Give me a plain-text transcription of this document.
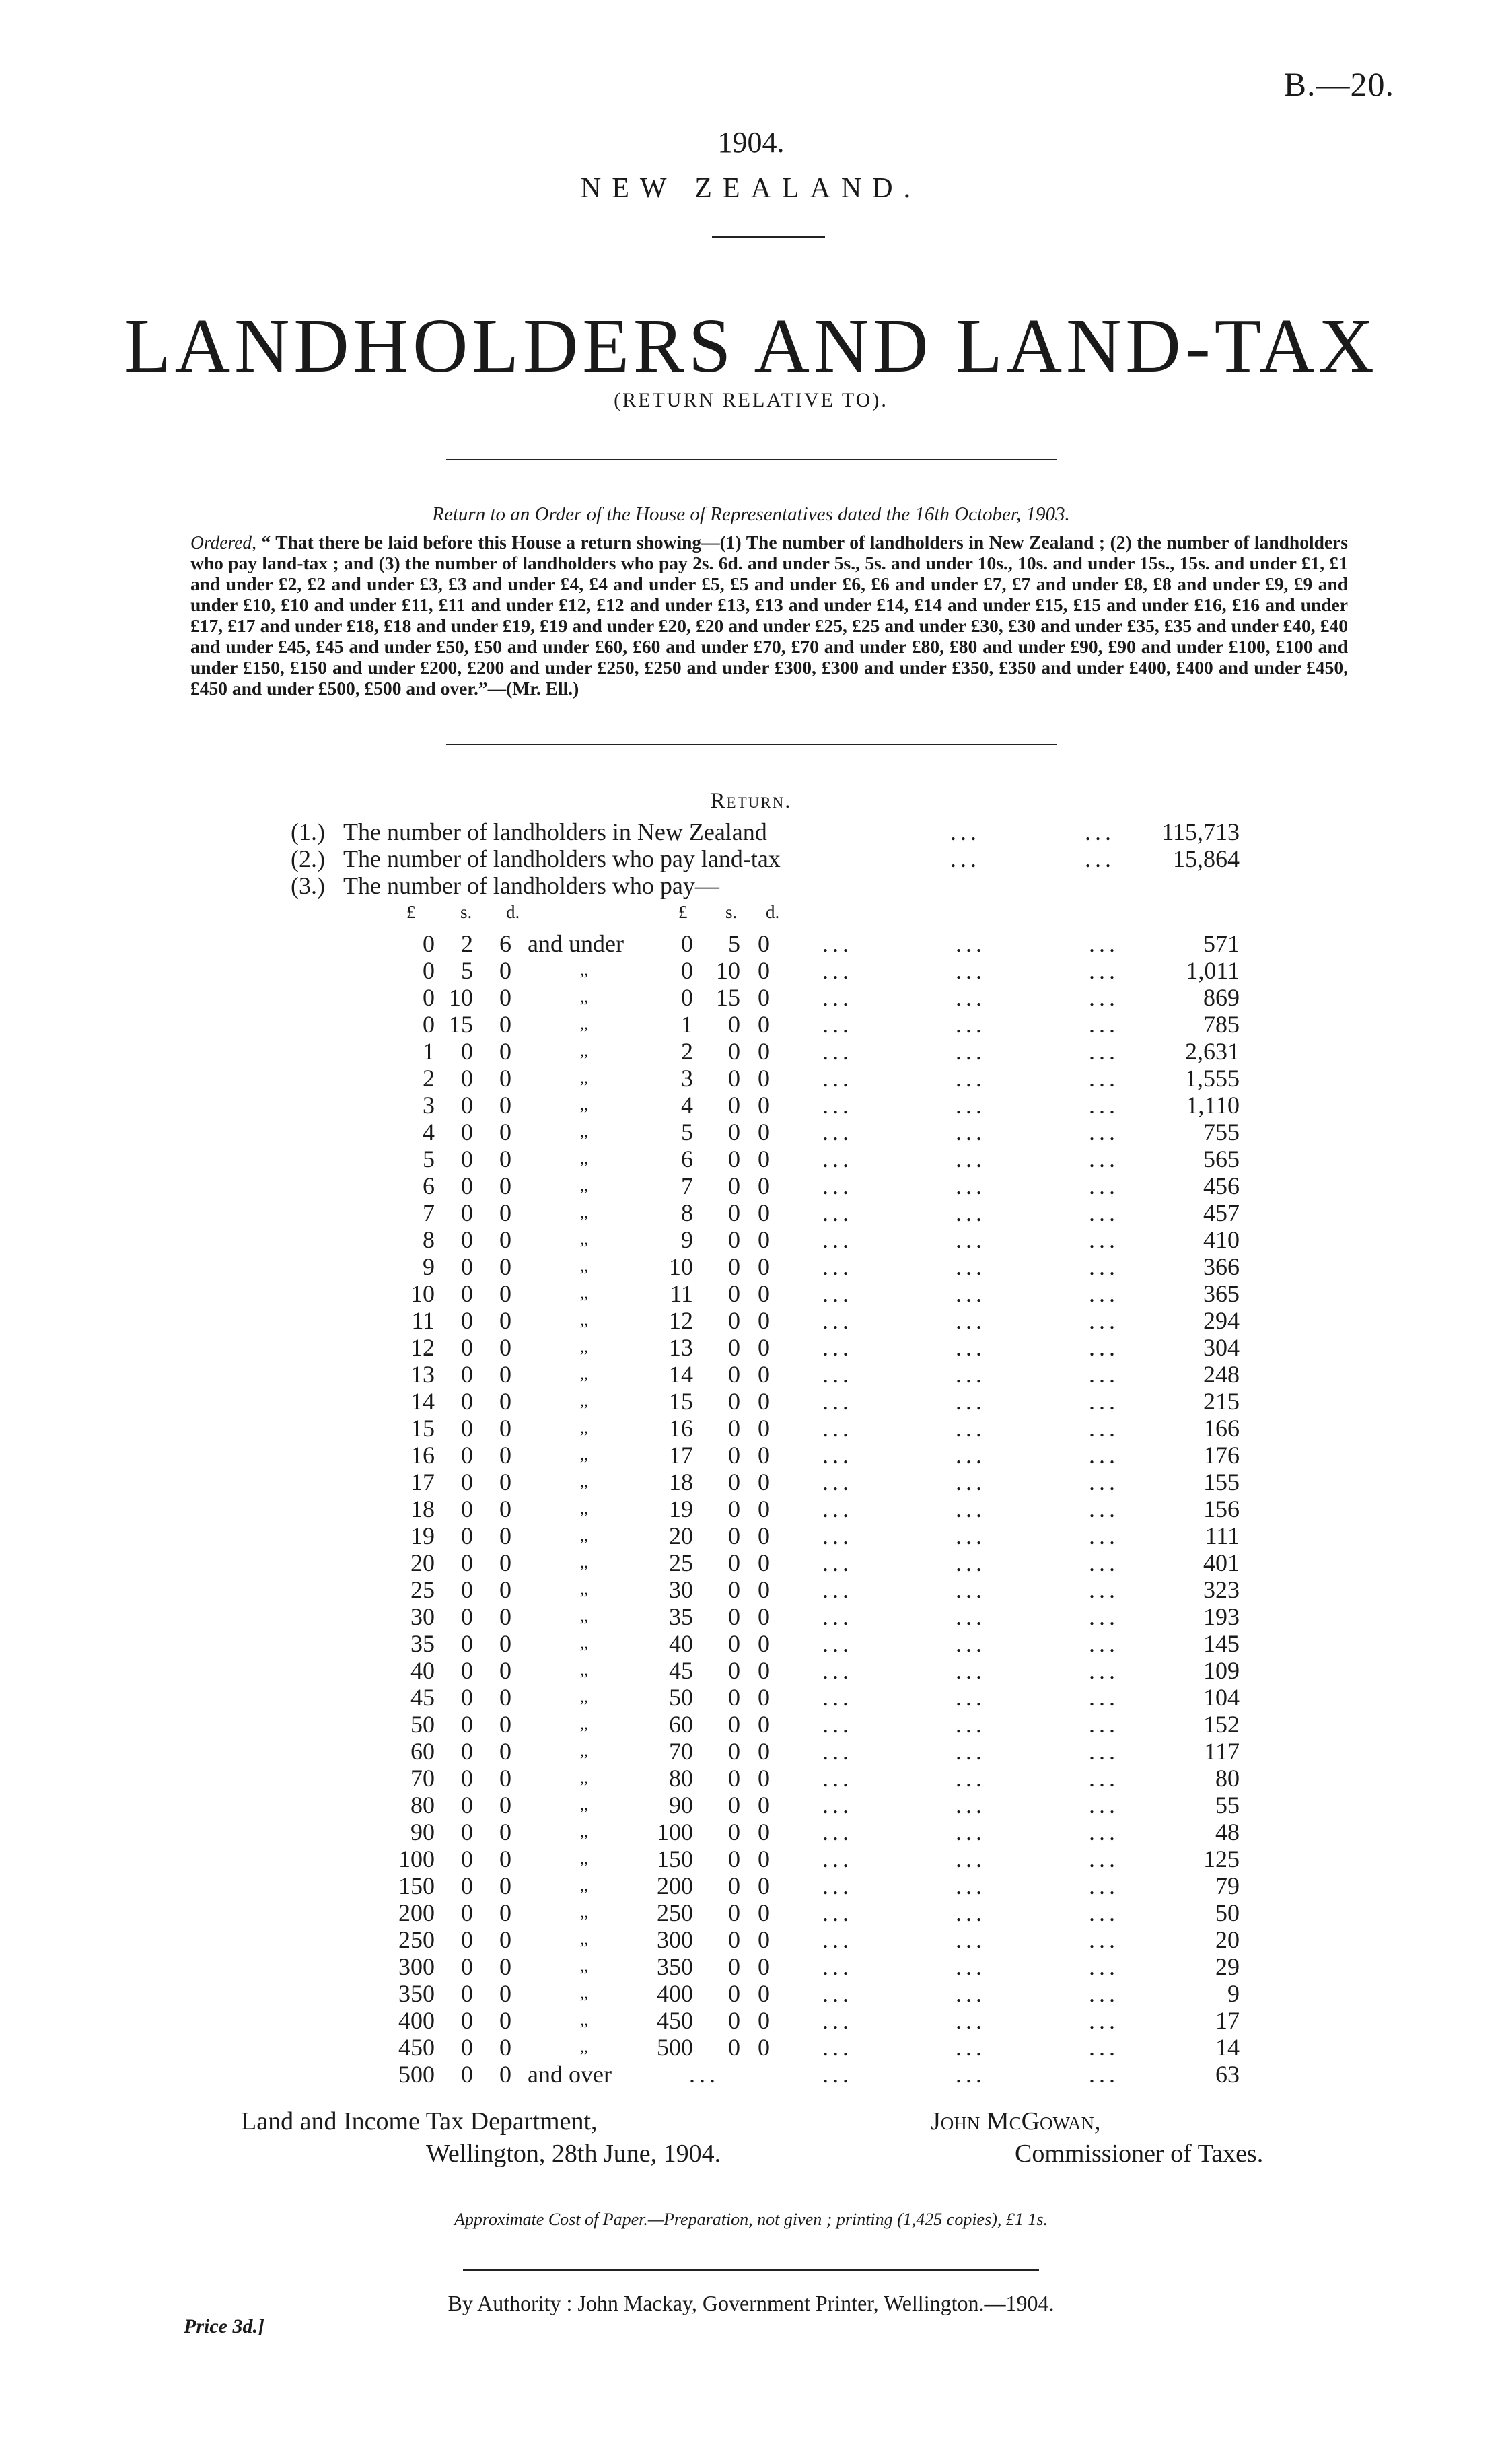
B.—20.
1904.
NEW ZEALAND.
LANDHOLDERS AND LAND-TAX
(RETURN RELATIVE TO).
Return to an Order of the House of Representatives dated the 16th October, 1903.
Ordered, “ That there be laid before this House a return showing—(1) The number of landholders in New Zealand ; (2) the number of landholders who pay land-tax ; and (3) the number of landholders who pay 2s. 6d. and under 5s., 5s. and under 10s., 10s. and under 15s., 15s. and under £1, £1 and under £2, £2 and under £3, £3 and under £4, £4 and under £5, £5 and under £6, £6 and under £7, £7 and under £8, £8 and under £9, £9 and under £10, £10 and under £11, £11 and under £12, £12 and under £13, £13 and under £14, £14 and under £15, £15 and under £16, £16 and under £17, £17 and under £18, £18 and under £19, £19 and under £20, £20 and under £25, £25 and under £30, £30 and under £35, £35 and under £40, £40 and under £45, £45 and under £50, £50 and under £60, £60 and under £70, £70 and under £80, £80 and under £90, £90 and under £100, £100 and under £150, £150 and under £200, £200 and under £250, £250 and under £300, £300 and under £350, £350 and under £400, £400 and under £450, £450 and under £500, £500 and over.”—(Mr. Ell.)
Return.
(1.) The number of landholders in New Zealand	...	...	115,713
(2.) The number of landholders who pay land-tax	...	...	15,864
(3.) The number of landholders who pay—
£ s. d.	£ s. d.
0	2	6 and under	0	5 0 ...	...	...	571
0	5	0	,,	0 10 0 ...	...	...	1,011
0 10	0	,,	0 15 0 ...	...	...	869
0 15	0	,,	1	0 0 ...	...	...	785
1	0	0	,,	2	0 0 ...	...	...	2,631
2	0	0	,,	3	0 0 ...	...	...	1,555
3	0	0	,,	4	0 0 ...	...	...	1,110
4	0	0	,,	5	0 0 ...	...	...	755
5	0	0	,,	6	0 0 ...	...	...	565
6	0	0	,,	7	0 0 ...	...	...	456
7	0	0	,,	8	0 0 ...	...	...	457
8	0	0	,,	9	0 0 ...	...	...	410
9	0	0	,,	10	0 0 ...	...	...	366
10	0	0	,,	11	0 0 ...	...	...	365
11	0	0	,,	12	0 0 ...	...	...	294
12	0	0	,,	13	0 0 ...	...	...	304
13	0	0	,,	14	0 0 ...	...	...	248
14	0	0	,,	15	0 0 ...	...	...	215
15	0	0	,,	16	0 0 ...	...	...	166
16	0	0	,,	17	0 0 ...	...	...	176
17	0	0	,,	18	0 0 ...	...	...	155
18	0	0	,,	19	0 0 ...	...	...	156
19	0	0	,,	20	0 0 ...	...	...	111
20	0	0	,,	25	0 0 ...	...	...	401
25	0	0	,,	30	0 0 ...	...	...	323
30	0	0	,,	35	0 0 ...	...	...	193
35	0	0	,,	40	0 0 ...	...	...	145
40	0	0	,,	45	0 0 ...	...	...	109
45	0	0	,,	50	0 0 ...	...	...	104
50	0	0	,,	60	0 0 ...	...	...	152
60	0	0	,,	70	0 0 ...	...	...	117
70	0	0	,,	80	0 0 ...	...	...	80
80	0	0	,,	90	0 0 ...	...	...	55
90	0	0	,,	100	0 0 ...	...	...	48
100	0	0	,,	150	0 0 ...	...	...	125
150	0	0	,,	200	0 0 ...	...	...	79
200	0	0	,,	250	0 0 ...	...	...	50
250	0	0	,,	300	0 0 ...	...	...	20
300	0	0	,,	350	0 0 ...	...	...	29
350	0	0	,,	400	0 0 ...	...	...	9
400	0	0	,,	450	0 0 ...	...	...	17
450	0	0	,,	500	0 0 ...	...	...	14
500	0	0 and over	...	...	...	...	63
Land and Income Tax Department,
Wellington, 28th June, 1904.
John McGowan,
Commissioner of Taxes.
Approximate Cost of Paper.—Preparation, not given ; printing (1,425 copies), £1 1s.
By Authority : John Mackay, Government Printer, Wellington.—1904.
Price 3d.]
